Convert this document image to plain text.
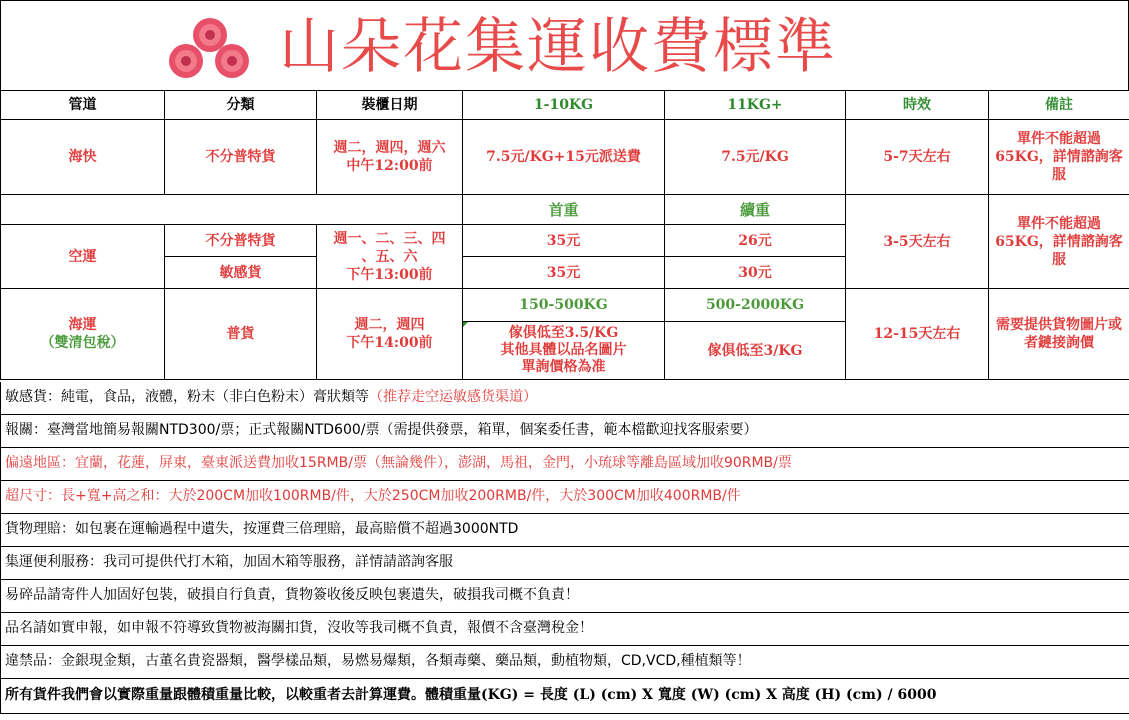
山朵花集運收費標準
管道	分類	裝櫃日期	1-10KG	11KG+	時效	備註
海快	不分普特貨	週二，週四，週六
中午12:00前	7.5元/KG+15元派送費	7.5元/KG	5-7天左右	單件不能超過65KG，詳情諮詢客服
			首重	續重	3-5天左右	單件不能超過65KG，詳情諮詢客服
空運	不分普特貨	週一、二、三、四
、五、六
下午13:00前	35元	26元		
	敏感貨		35元	30元		
海運
（雙清包稅）	普貨	週二，週四
下午14:00前	150-500KG	500-2000KG	12-15天左右	需要提供貨物圖片或者鏈接詢價
			傢俱低至3.5/KG
其他具體以品名圖片
單詢價格為准	傢俱低至3/KG		
敏感貨：純電，食品，液體，粉末（非白色粉末）膏狀類等（推荐走空运敏感货渠道）
報關：臺灣當地簡易報關NTD300/票；正式報關NTD600/票（需提供發票，箱單，個案委任書，範本檔歡迎找客服索要）
偏遠地區：宜蘭，花蓮，屏東，臺東派送費加收15RMB/票（無論幾件），澎湖，馬祖，金門，小琉球等離島區域加收90RMB/票
超尺寸：長+寬+高之和：大於200CM加收100RMB/件，大於250CM加收200RMB/件，大於300CM加收400RMB/件
貨物理賠：如包裹在運輸過程中遺失，按運費三倍理賠，最高賠償不超過3000NTD
集運便利服務：我司可提供代打木箱，加固木箱等服務，詳情請諮詢客服
易碎品請寄件人加固好包裝，破損自行負責，貨物簽收後反映包裹遺失，破損我司概不負責！
品名請如實申報，如申報不符導致貨物被海關扣貨，沒收等我司概不負責，報價不含臺灣稅金！
違禁品：金銀現金類，古董名貴瓷器類，醫學樣品類，易燃易爆類，各類毒藥、藥品類，動植物類，CD,VCD,種植類等！
所有貨件我們會以實際重量跟體積重量比較，以較重者去計算運費。體積重量(KG) = 長度 (L) (cm) X 寬度 (W) (cm) X 高度 (H) (cm) / 6000
